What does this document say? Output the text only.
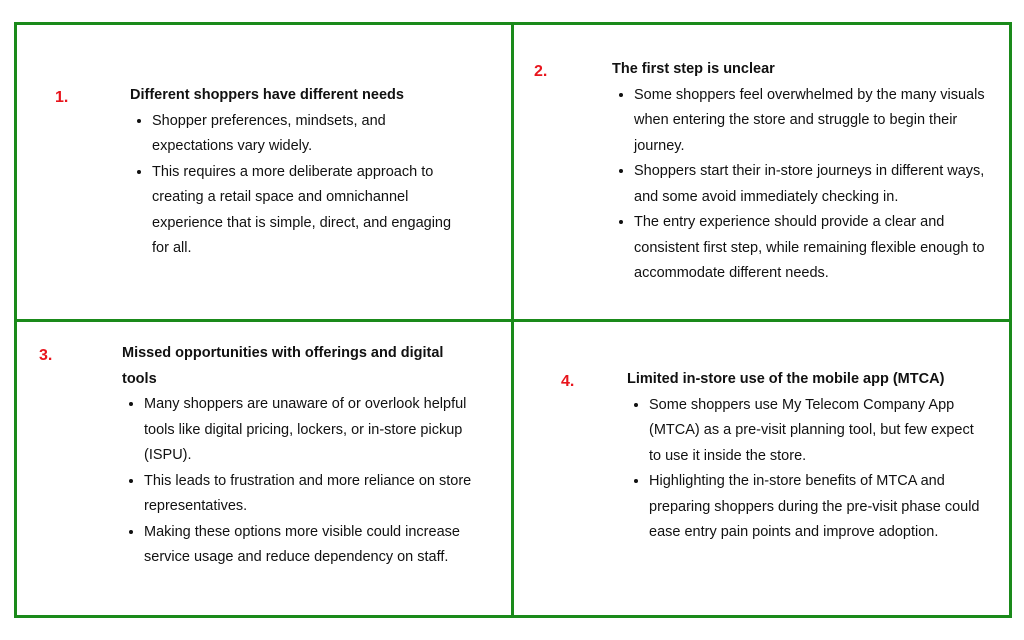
1.	Different shoppers have different needs

• Shopper preferences, mindsets, and expectations vary widely.
• This requires a more deliberate approach to creating a retail space and omnichannel experience that is simple, direct, and engaging for all.
2.	The first step is unclear

• Some shoppers feel overwhelmed by the many visuals when entering the store and struggle to begin their journey.
• Shoppers start their in-store journeys in different ways, and some avoid immediately checking in.
• The entry experience should provide a clear and consistent first step, while remaining flexible enough to accommodate different needs.
3.	Missed opportunities with offerings and digital tools

• Many shoppers are unaware of or overlook helpful tools like digital pricing, lockers, or in-store pickup (ISPU).
• This leads to frustration and more reliance on store representatives.
• Making these options more visible could increase service usage and reduce dependency on staff.
4.	Limited in-store use of the mobile app (MTCA)

• Some shoppers use My Telecom Company App (MTCA) as a pre-visit planning tool, but few expect to use it inside the store.
• Highlighting the in-store benefits of MTCA and preparing shoppers during the pre-visit phase could ease entry pain points and improve adoption.
